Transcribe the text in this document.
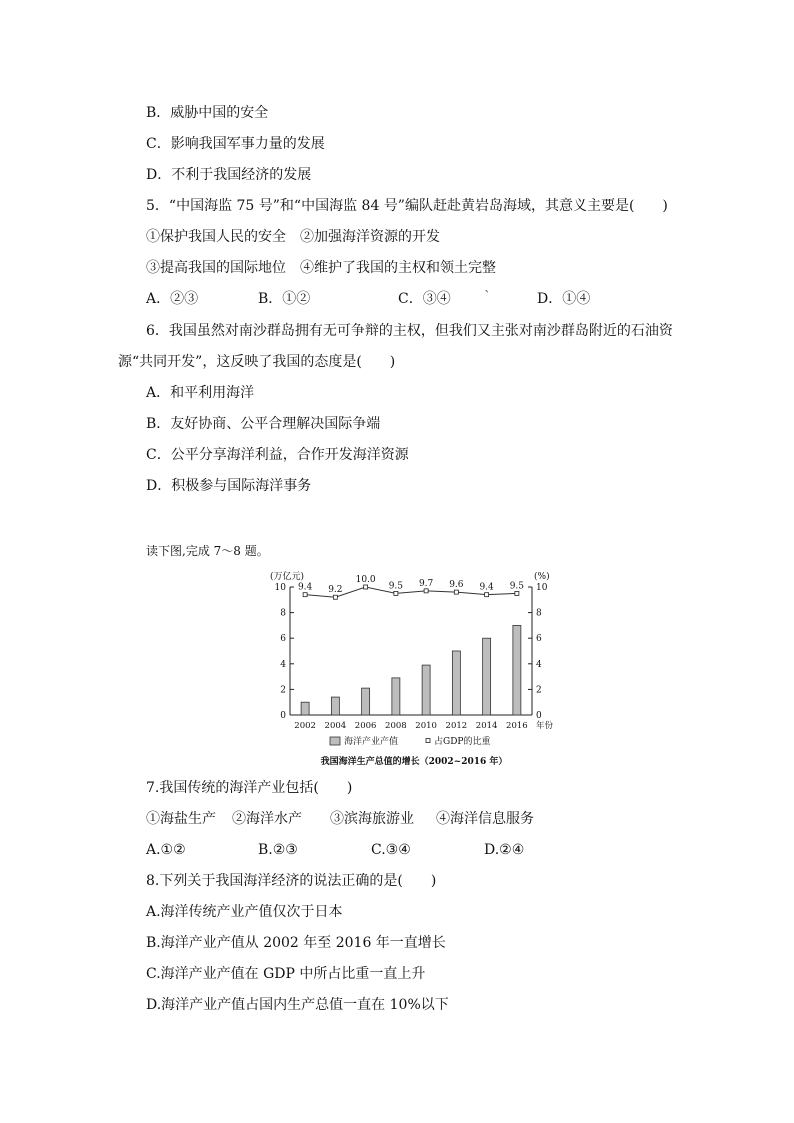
B．威胁中国的安全
C．影响我国军事力量的发展
D．不利于我国经济的发展
5．“中国海监 75 号”和“中国海监 84 号”编队赶赴黄岩岛海域，其意义主要是(　　)
①保护我国人民的安全　②加强海洋资源的开发
③提高我国的国际地位　④维护了我国的主权和领土完整
A．②③	B．①②	C．③④ `	D．①④
6．我国虽然对南沙群岛拥有无可争辩的主权，但我们又主张对南沙群岛附近的石油资
源“共同开发”，这反映了我国的态度是(　　)
A．和平利用海洋
B．友好协商、公平合理解决国际争端
C．公平分享海洋利益，合作开发海洋资源
D．积极参与国际海洋事务
读下图,完成 7～8 题。
(万亿元)	(%)
9.4 9.2
10.0
9.5 9.7 9.6 9.4 9.5
0	0
2	2
4	4
6	6
8	8
10	10
2002 2004 2006 2008 2010 2012 2014 2016 年份
海洋产业产值	占GDP的比重
我国海洋生产总值的增长（2002~2016 年）
7.我国传统的海洋产业包括(　　)
①海盐生产 ②海洋水产 ③滨海旅游业 ④海洋信息服务
A.①②	B.②③	C.③④	D.②④
8.下列关于我国海洋经济的说法正确的是(　　)
A.海洋传统产业产值仅次于日本
B.海洋产业产值从 2002 年至 2016 年一直增长
C.海洋产业产值在 GDP 中所占比重一直上升
D.海洋产业产值占国内生产总值一直在 10%以下
